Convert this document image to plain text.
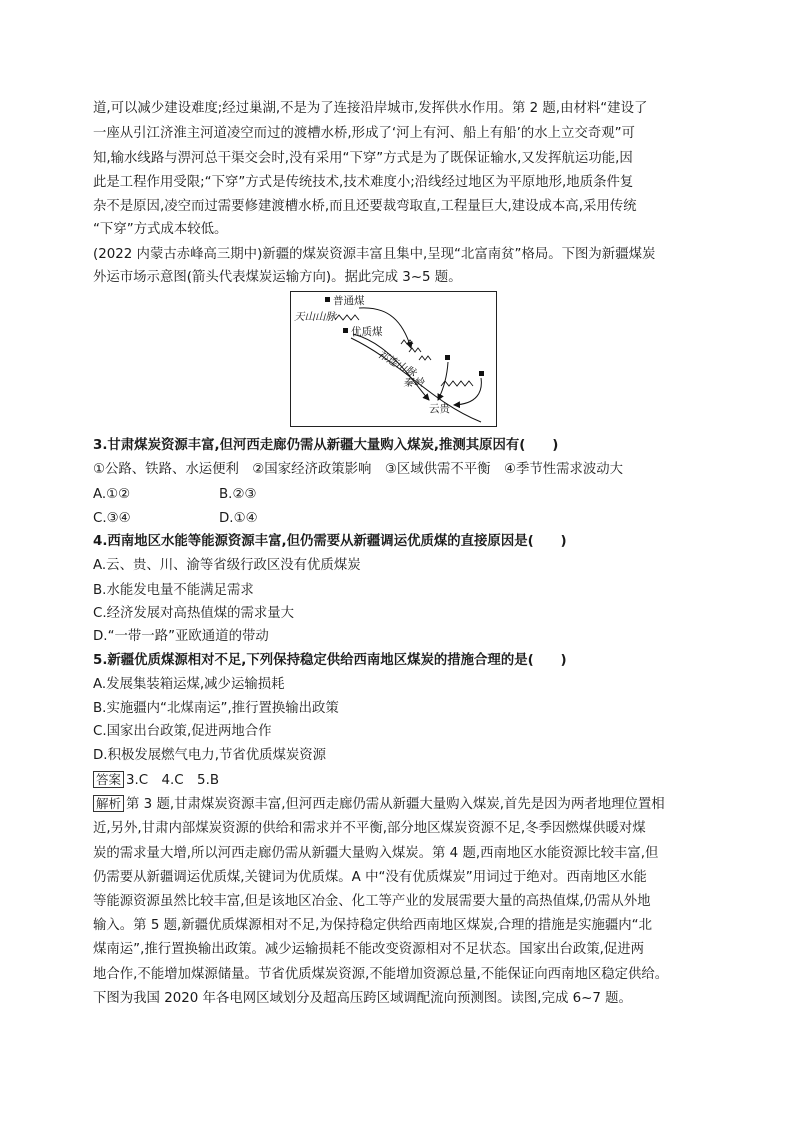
道,可以减少建设难度;经过巢湖,不是为了连接沿岸城市,发挥供水作用。第 2 题,由材料“建设了
一座从引江济淮主河道凌空而过的渡槽水桥,形成了‘河上有河、船上有船’的水上立交奇观”可
知,输水线路与淠河总干渠交会时,没有采用“下穿”方式是为了既保证输水,又发挥航运功能,因
此是工程作用受限;“下穿”方式是传统技术,技术难度小;沿线经过地区为平原地形,地质条件复
杂不是原因,凌空而过需要修建渡槽水桥,而且还要裁弯取直,工程量巨大,建设成本高,采用传统
“下穿”方式成本较低。
(2022 内蒙古赤峰高三期中)新疆的煤炭资源丰富且集中,呈现“北富南贫”格局。下图为新疆煤炭
外运市场示意图(箭头代表煤炭运输方向)。据此完成 3~5 题。
普通煤
天山山脉
优质煤
祁连山脉
秦岭
云贵
3.甘肃煤炭资源丰富,但河西走廊仍需从新疆大量购入煤炭,推测其原因有(　　)
①公路、铁路、水运便利　②国家经济政策影响　③区域供需不平衡　④季节性需求波动大
A.①②	B.②③
C.③④	D.①④
4.西南地区水能等能源资源丰富,但仍需要从新疆调运优质煤的直接原因是(　　)
A.云、贵、川、渝等省级行政区没有优质煤炭
B.水能发电量不能满足需求
C.经济发展对高热值煤的需求量大
D.“一带一路”亚欧通道的带动
5.新疆优质煤源相对不足,下列保持稳定供给西南地区煤炭的措施合理的是(　　)
A.发展集装箱运煤,减少运输损耗
B.实施疆内“北煤南运”,推行置换输出政策
C.国家出台政策,促进两地合作
D.积极发展燃气电力,节省优质煤炭资源
答案 3.C　4.C　5.B
解析 第 3 题,甘肃煤炭资源丰富,但河西走廊仍需从新疆大量购入煤炭,首先是因为两者地理位置相
近,另外,甘肃内部煤炭资源的供给和需求并不平衡,部分地区煤炭资源不足,冬季因燃煤供暖对煤
炭的需求量大增,所以河西走廊仍需从新疆大量购入煤炭。第 4 题,西南地区水能资源比较丰富,但
仍需要从新疆调运优质煤,关键词为优质煤。A 中“没有优质煤炭”用词过于绝对。西南地区水能
等能源资源虽然比较丰富,但是该地区冶金、化工等产业的发展需要大量的高热值煤,仍需从外地
输入。第 5 题,新疆优质煤源相对不足,为保持稳定供给西南地区煤炭,合理的措施是实施疆内“北
煤南运”,推行置换输出政策。减少运输损耗不能改变资源相对不足状态。国家出台政策,促进两
地合作,不能增加煤源储量。节省优质煤炭资源,不能增加资源总量,不能保证向西南地区稳定供给。
下图为我国 2020 年各电网区域划分及超高压跨区域调配流向预测图。读图,完成 6~7 题。
